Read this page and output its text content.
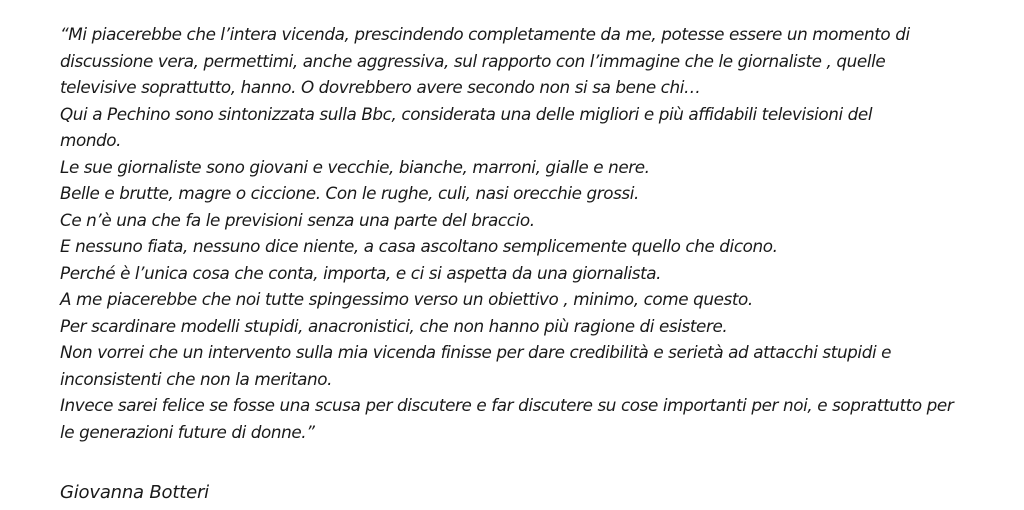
“Mi piacerebbe che l’intera vicenda, prescindendo completamente da me, potesse essere un momento di
discussione vera, permettimi, anche aggressiva, sul rapporto con l’immagine che le giornaliste , quelle
televisive soprattutto, hanno. O dovrebbero avere secondo non si sa bene chi…
Qui a Pechino sono sintonizzata sulla Bbc, considerata una delle migliori e più affidabili televisioni del
mondo.
Le sue giornaliste sono giovani e vecchie, bianche, marroni, gialle e nere.
Belle e brutte, magre o ciccione. Con le rughe, culi, nasi orecchie grossi.
Ce n’è una che fa le previsioni senza una parte del braccio.
E nessuno fiata, nessuno dice niente, a casa ascoltano semplicemente quello che dicono.
Perché è l’unica cosa che conta, importa, e ci si aspetta da una giornalista.
A me piacerebbe che noi tutte spingessimo verso un obiettivo , minimo, come questo.
Per scardinare modelli stupidi, anacronistici, che non hanno più ragione di esistere.
Non vorrei che un intervento sulla mia vicenda finisse per dare credibilità e serietà ad attacchi stupidi e
inconsistenti che non la meritano.
Invece sarei felice se fosse una scusa per discutere e far discutere su cose importanti per noi, e soprattutto per
le generazioni future di donne.”
Giovanna Botteri
